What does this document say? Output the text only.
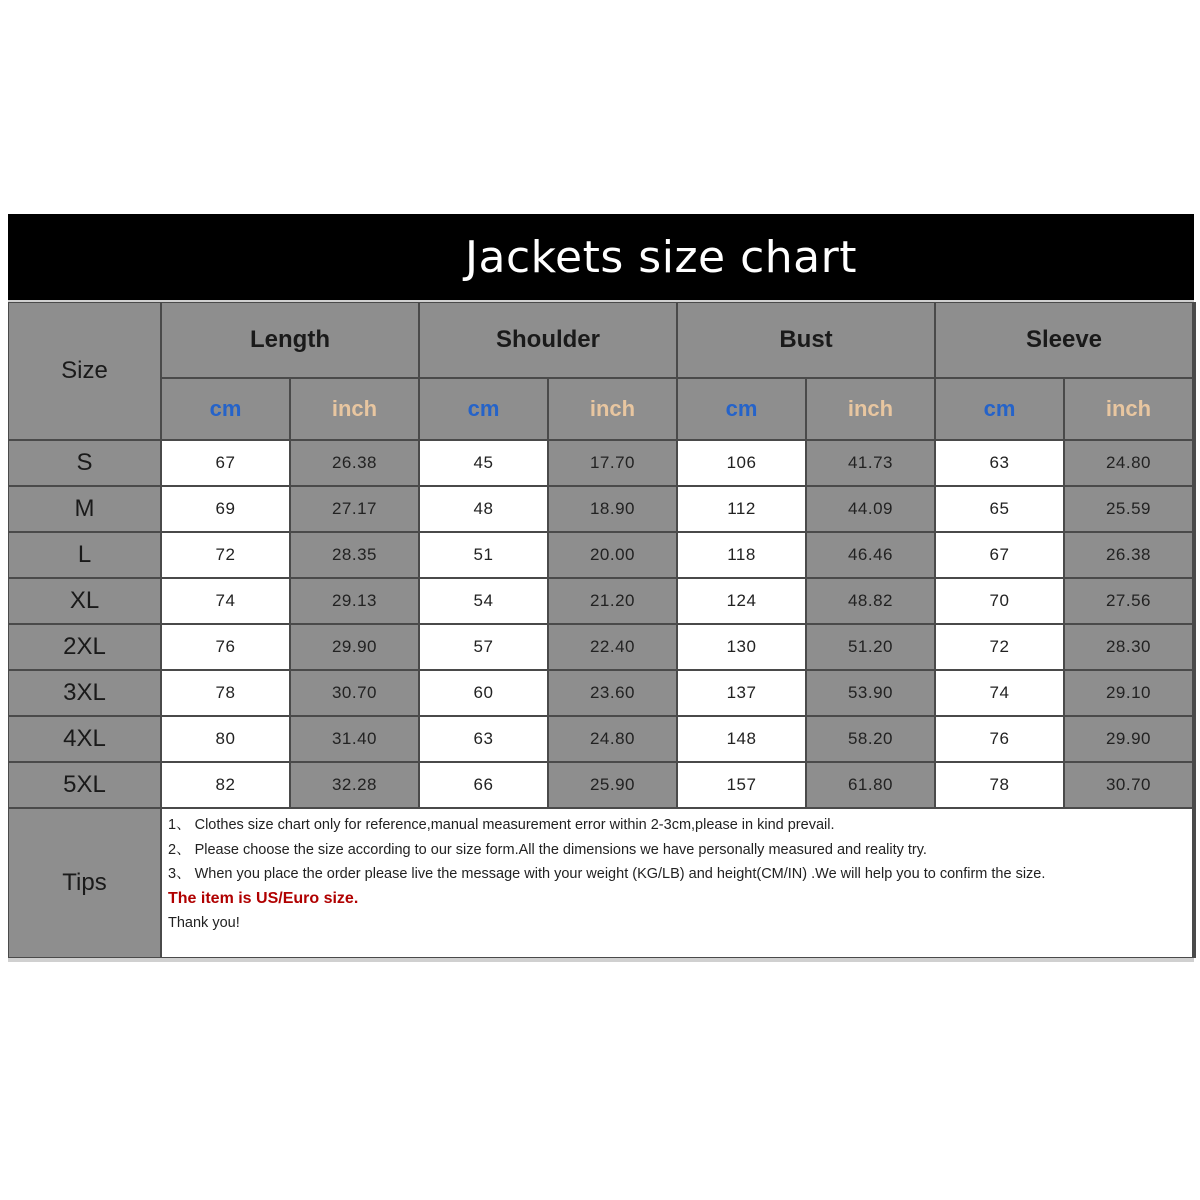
Jackets size chart
Size
Length	Shoulder	Bust	Sleeve
cm	inch	cm	inch	cm	inch	cm	inch
S	67	26.38	45	17.70	106	41.73	63	24.80
M	69	27.17	48	18.90	112	44.09	65	25.59
L	72	28.35	51	20.00	118	46.46	67	26.38
XL	74	29.13	54	21.20	124	48.82	70	27.56
2XL	76	29.90	57	22.40	130	51.20	72	28.30
3XL	78	30.70	60	23.60	137	53.90	74	29.10
4XL	80	31.40	63	24.80	148	58.20	76	29.90
5XL	82	32.28	66	25.90	157	61.80	78	30.70
Tips

1、 Clothes size chart only for reference,manual measurement error within 2-3cm,please in kind prevail.

2、 Please choose the size according to our size form.All the dimensions we have personally measured and reality try.

3、 When you place the order please live the message with your weight (KG/LB) and height(CM/IN) .We will help you to confirm the size.

The item is US/Euro size.

Thank you!
